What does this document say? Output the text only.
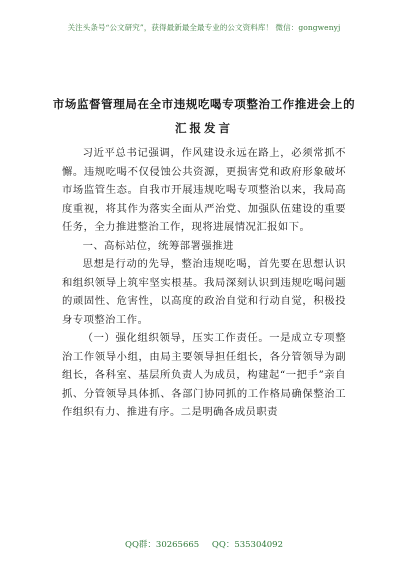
关注头条号“公文研究”，获得最新最全最专业的公文资料库！ 微信：gongwenyj
市场监督管理局在全市违规吃喝专项整治工作推进会上的
汇报发言

习近平总书记强调，作风建设永远在路上，必须常抓不懈。违规吃喝不仅侵蚀公共资源，更损害党和政府形象破坏市场监管生态。自我市开展违规吃喝专项整治以来，我局高度重视，将其作为落实全面从严治党、加强队伍建设的重要任务，全力推进整治工作，现将进展情况汇报如下。

一、高标站位，统筹部署强推进

思想是行动的先导，整治违规吃喝，首先要在思想认识和组织领导上筑牢坚实根基。我局深刻认识到违规吃喝问题的顽固性、危害性，以高度的政治自觉和行动自觉，积极投身专项整治工作。

（一）强化组织领导，压实工作责任。一是成立专项整治工作领导小组，由局主要领导担任组长，各分管领导为副组长，各科室、基层所负责人为成员，构建起“一把手”亲自抓、分管领导具体抓、各部门协同抓的工作格局确保整治工作组织有力、推进有序。二是明确各成员职责

QQ群：30265665 QQ：535304092
